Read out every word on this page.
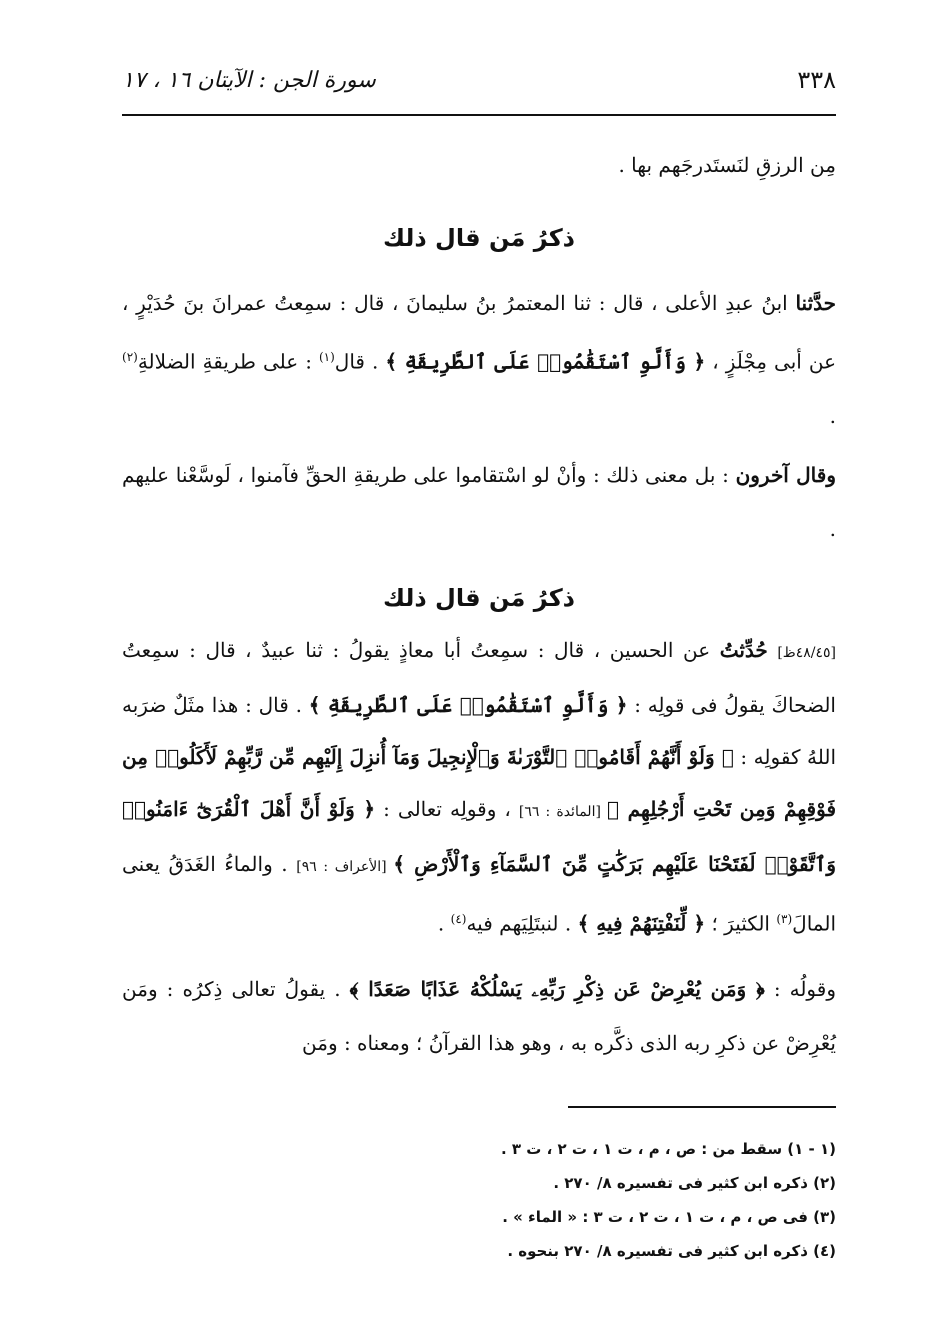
٣٣٨
سورة الجن : الآيتان ١٦ ، ١٧
مِن الرزقِ لنَستَدرجَهم بها .
ذكرُ مَن قال ذلك
حدَّثنا ابنُ عبدِ الأعلى ، قال : ثنا المعتمرُ بنُ سليمانَ ، قال : سمِعتُ عمرانَ بنَ حُدَيْرٍ ، عن أبى مِجْلَزٍ ، ﴿ وَأَلَّوِ ٱسْتَقَٰمُوا۟ عَلَى ٱلطَّرِيقَةِ ﴾ . قال$^{(١)}$ : على طريقةِ الضلالةِ$^{(٢)}$ .
وقال آخرون : بل معنى ذلك : وأنْ لو اسْتقاموا على طريقةِ الحقِّ فآمنوا ، لَوسَّعْنا عليهم .
ذكرُ مَن قال ذلك
[٤٨/٤٥ظ] حُدِّثتُ عن الحسين ، قال : سمِعتُ أبا معاذٍ يقولُ : ثنا عبيدٌ ، قال : سمِعتُ الضحاكَ يقولُ فى قولِه : ﴿ وَأَلَّوِ ٱسْتَقَٰمُوا۟ عَلَى ٱلطَّرِيقَةِ ﴾ . قال : هذا مثَلٌ ضرَبه اللهُ كقولِه : ﴿ وَلَوْ أَنَّهُمْ أَقَامُوا۟ ٱلتَّوْرَىٰةَ وَٱلْإِنجِيلَ وَمَآ أُنزِلَ إِلَيْهِم مِّن رَّبِّهِمْ لَأَكَلُوا۟ مِن فَوْقِهِمْ وَمِن تَحْتِ أَرْجُلِهِم ﴾ [المائدة : ٦٦] ، وقولِه تعالى : ﴿ وَلَوْ أَنَّ أَهْلَ ٱلْقُرَىٰٓ ءَامَنُوا۟ وَٱتَّقَوْا۟ لَفَتَحْنَا عَلَيْهِم بَرَكَٰتٍ مِّنَ ٱلسَّمَآءِ وَٱلْأَرْضِ ﴾ [الأعراف : ٩٦] . والماءُ الغَدَقُ يعنى المالَ$^{(٣)}$ الكثيرَ ؛ ﴿ لِّنَفْتِنَهُمْ فِيهِ ﴾ . لنبتَلِيَهم فيه$^{(٤)}$ .
وقولُه : ﴿ وَمَن يُعْرِضْ عَن ذِكْرِ رَبِّهِۦ يَسْلُكْهُ عَذَابًا صَعَدًا ﴾ . يقولُ تعالى ذِكرُه : ومَن يُعْرِضْ عن ذكرِ ربه الذى ذكَّره به ، وهو هذا القرآنُ ؛ ومعناه : ومَن
(١ - ١) سقط من : ص ، م ، ت ١ ، ت ٢ ، ت ٣ .
(٢) ذكره ابن كثير فى تفسيره ٨/ ٢٧٠ .
(٣) فى ص ، م ، ت ١ ، ت ٢ ، ت ٣ : « الماء » .
(٤) ذكره ابن كثير فى تفسيره ٨/ ٢٧٠ بنحوه .
